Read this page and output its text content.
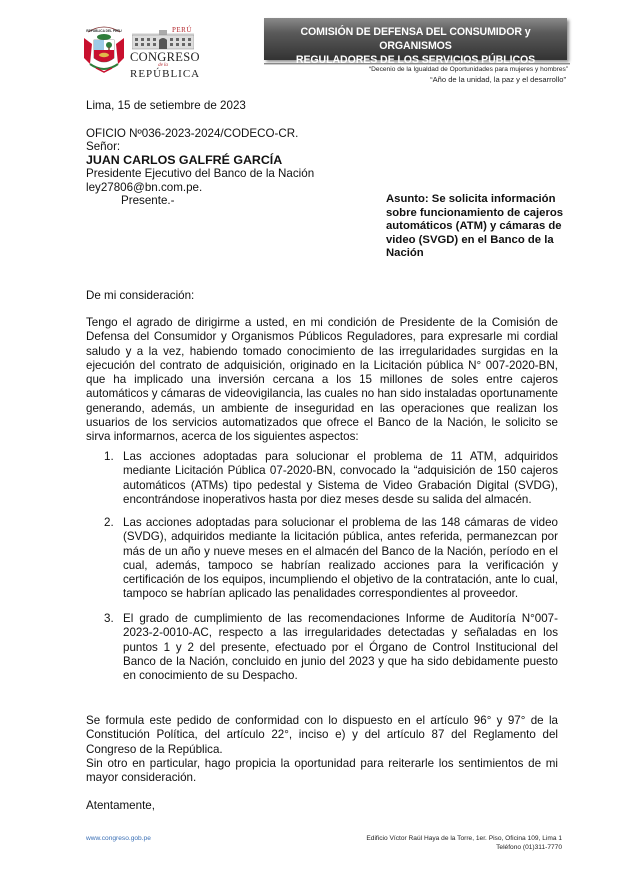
REPUBLICA DEL PERU	PERÚ
CONGRESO
de la
REPÚBLICA
COMISIÓN DE DEFENSA DEL CONSUMIDOR y ORGANISMOS
REGULADORES DE LOS SERVICIOS PÚBLICOS
“Decenio de la Igualdad de Oportunidades para mujeres y hombres”
“Año de la unidad, la paz y el desarrollo”
Lima, 15 de setiembre de 2023
OFICIO Nº036-2023-2024/CODECO-CR.
Señor:
JUAN CARLOS GALFRÉ GARCÍA
Presidente Ejecutivo del Banco de la Nación
ley27806@bn.com.pe.
Presente.-	Asunto: Se solicita información sobre funcionamiento de cajeros automáticos (ATM) y cámaras de video (SVGD) en el Banco de la Nación
De mi consideración:

Tengo el agrado de dirigirme a usted, en mi condición de Presidente de la Comisión de Defensa del Consumidor y Organismos Públicos Reguladores, para expresarle mi cordial saludo y a la vez, habiendo tomado conocimiento de las irregularidades surgidas en la ejecución del contrato de adquisición, originado en la Licitación pública N° 007-2020-BN, que ha implicado una inversión cercana a los 15 millones de soles entre cajeros automáticos y cámaras de videovigilancia, las cuales no han sido instaladas oportunamente generando, además, un ambiente de inseguridad en las operaciones que realizan los usuarios de los servicios automatizados que ofrece el Banco de la Nación, le solicito se sirva informarnos, acerca de los siguientes aspectos:

1. Las acciones adoptadas para solucionar el problema de 11 ATM, adquiridos mediante Licitación Pública 07-2020-BN, convocado la “adquisición de 150 cajeros automáticos (ATMs) tipo pedestal y Sistema de Video Grabación Digital (SVDG), encontrándose inoperativos hasta por diez meses desde su salida del almacén.

2. Las acciones adoptadas para solucionar el problema de las 148 cámaras de video (SVDG), adquiridos mediante la licitación pública, antes referida, permanezcan por más de un año y nueve meses en el almacén del Banco de la Nación, período en el cual, además, tampoco se habrían realizado acciones para la verificación y certificación de los equipos, incumpliendo el objetivo de la contratación, ante lo cual, tampoco se habrían aplicado las penalidades correspondientes al proveedor.

3. El grado de cumplimiento de las recomendaciones Informe de Auditoría N°007-2023-2-0010-AC, respecto a las irregularidades detectadas y señaladas en los puntos 1 y 2 del presente, efectuado por el Órgano de Control Institucional del Banco de la Nación, concluido en junio del 2023 y que ha sido debidamente puesto en conocimiento de su Despacho.

Se formula este pedido de conformidad con lo dispuesto en el artículo 96° y 97° de la Constitución Política, del artículo 22°, inciso e) y del artículo 87 del Reglamento del Congreso de la República.

Sin otro en particular, hago propicia la oportunidad para reiterarle los sentimientos de mi mayor consideración.

Atentamente,
www.congreso.gob.pe	Edificio Víctor Raúl Haya de la Torre, 1er. Piso, Oficina 109, Lima 1
Teléfono (01)311-7770
